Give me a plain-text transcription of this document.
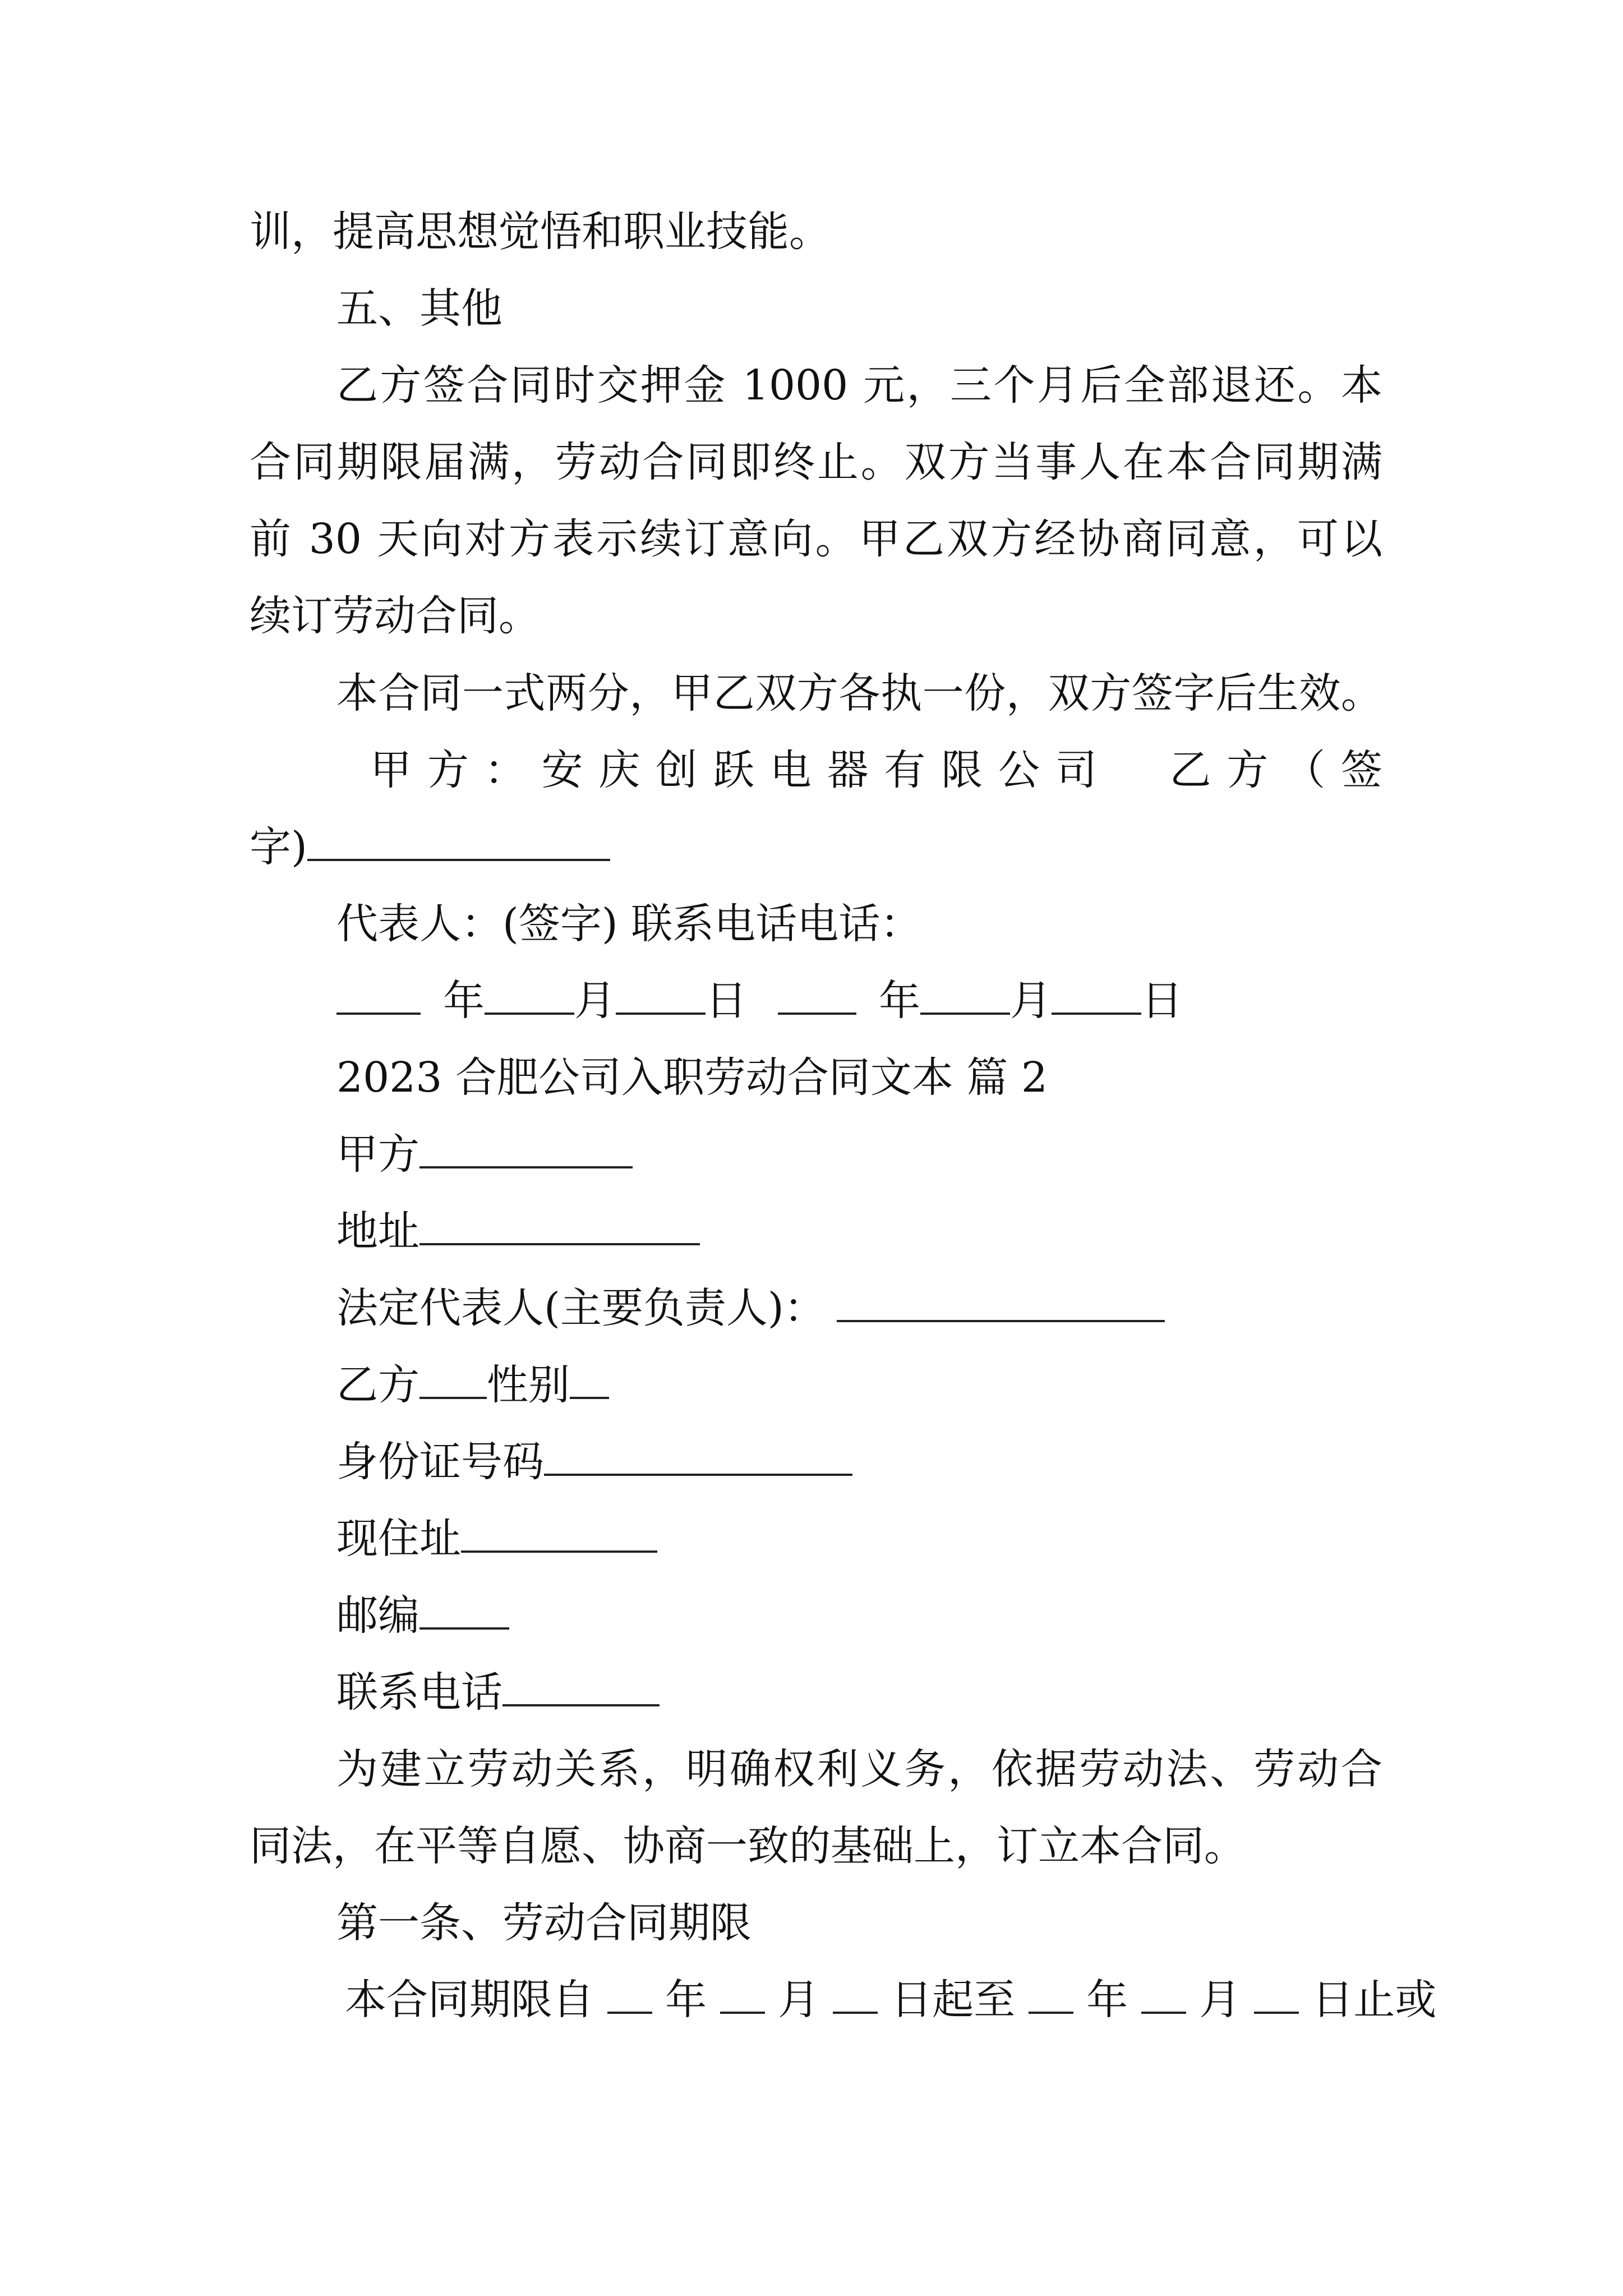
训，提高思想觉悟和职业技能。
五、其他
乙方签合同时交押金 1000 元，三个月后全部退还。本
合同期限届满，劳动合同即终止。双方当事人在本合同期满
前 30 天向对方表示续订意向。甲乙双方经协商同意，可以
续订劳动合同。
本合同一式两分，甲乙双方各执一份，双方签字后生效。
甲方：安庆创跃电器有限公司　乙方（签
字)
代表人：(签字) 联系电话电话：
年 月 日	年 月 日
2023 合肥公司入职劳动合同文本 篇 2
甲方
地址
法定代表人(主要负责人)：
乙方 性别
身份证号码
现住址
邮编
联系电话
为建立劳动关系，明确权利义务，依据劳动法、劳动合
同法，在平等自愿、协商一致的基础上，订立本合同。
第一条、劳动合同期限
本合同期限自 年 月 日起至 年 月 日止或
